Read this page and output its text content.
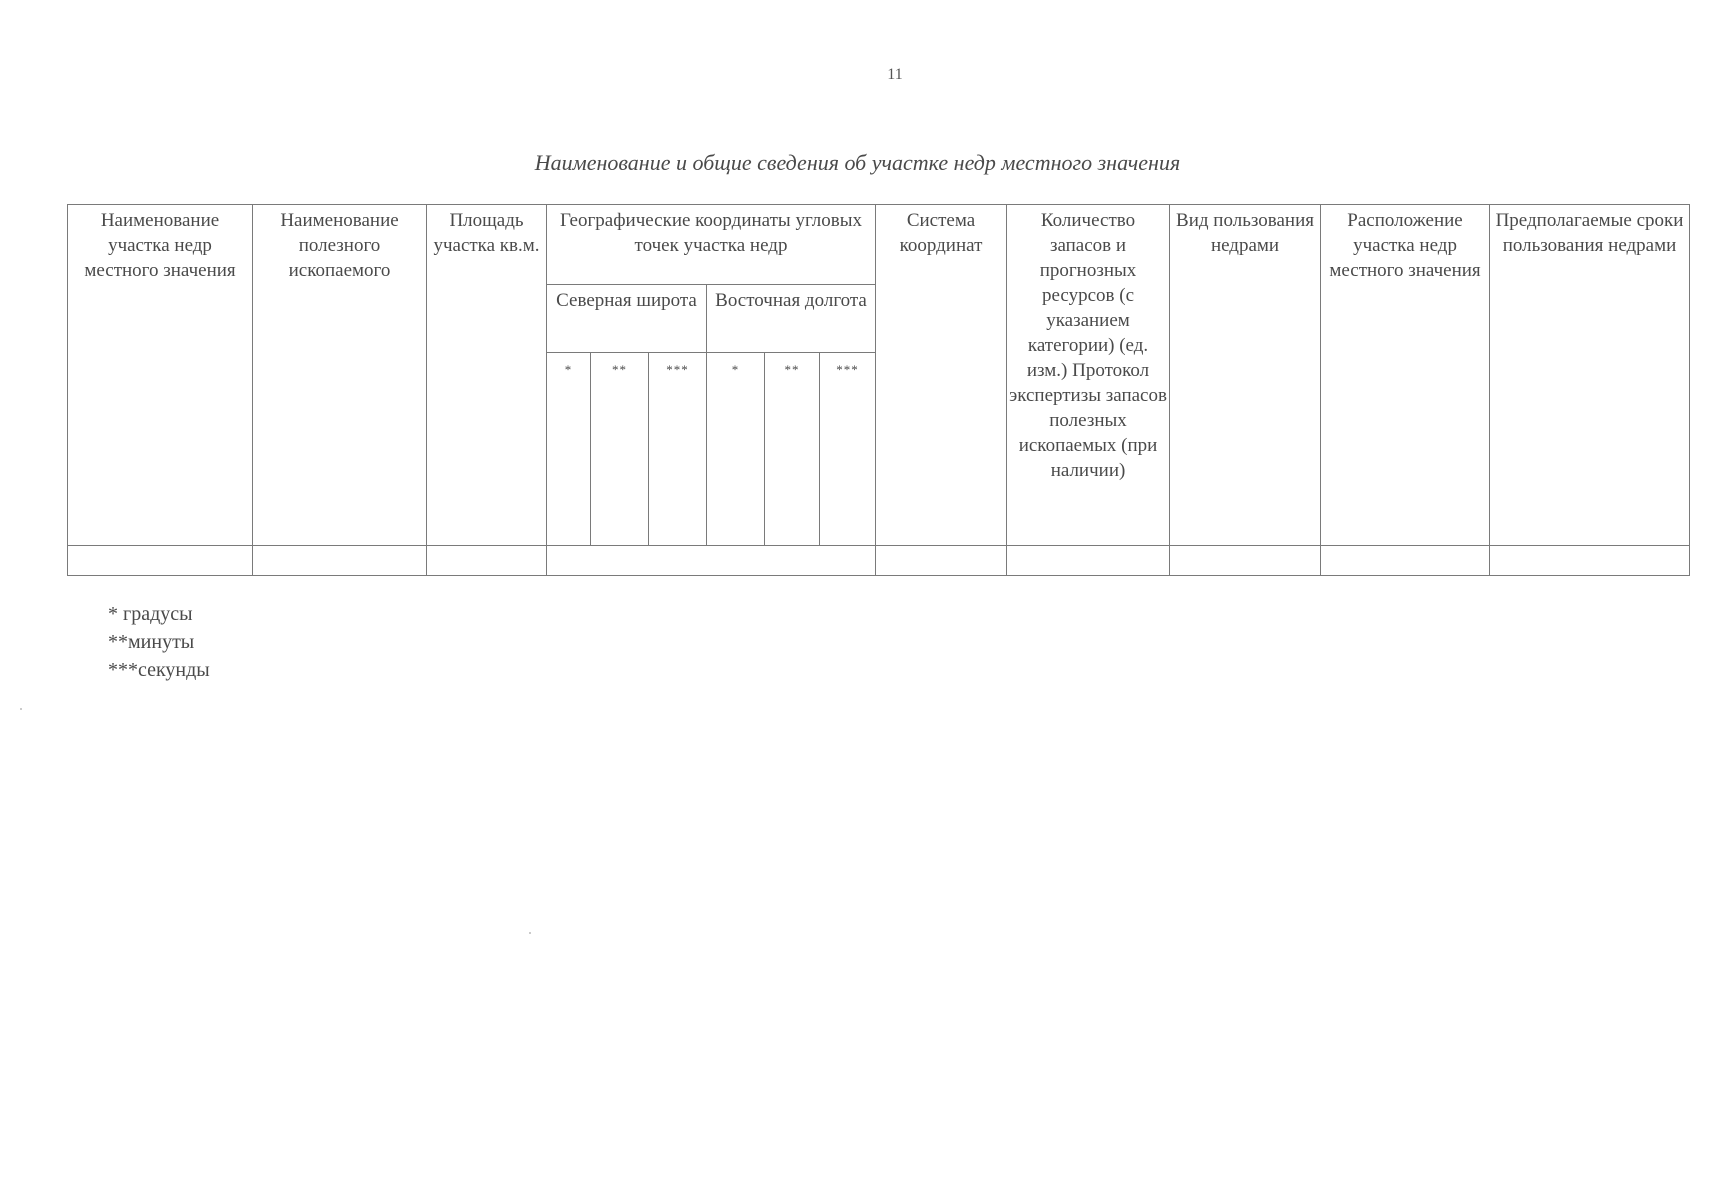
11
Наименование и общие сведения об участке недр местного значения
Наименование участка недр местного значения	Наименование полезного ископаемого	Площадь участка кв.м.	Географические координаты угловых точек участка недр						Система координат	Количество запасов и прогнозных ресурсов (с указанием категории) (ед. изм.) Протокол экспертизы запасов полезных ископаемых (при наличии)	Вид пользования недрами	Расположение участка недр местного значения	Предполагаемые сроки пользования недрами
			Северная широта			Восточная долгота							
			*	**	***	*	**	***					

* градусы
**минуты
***секунды
